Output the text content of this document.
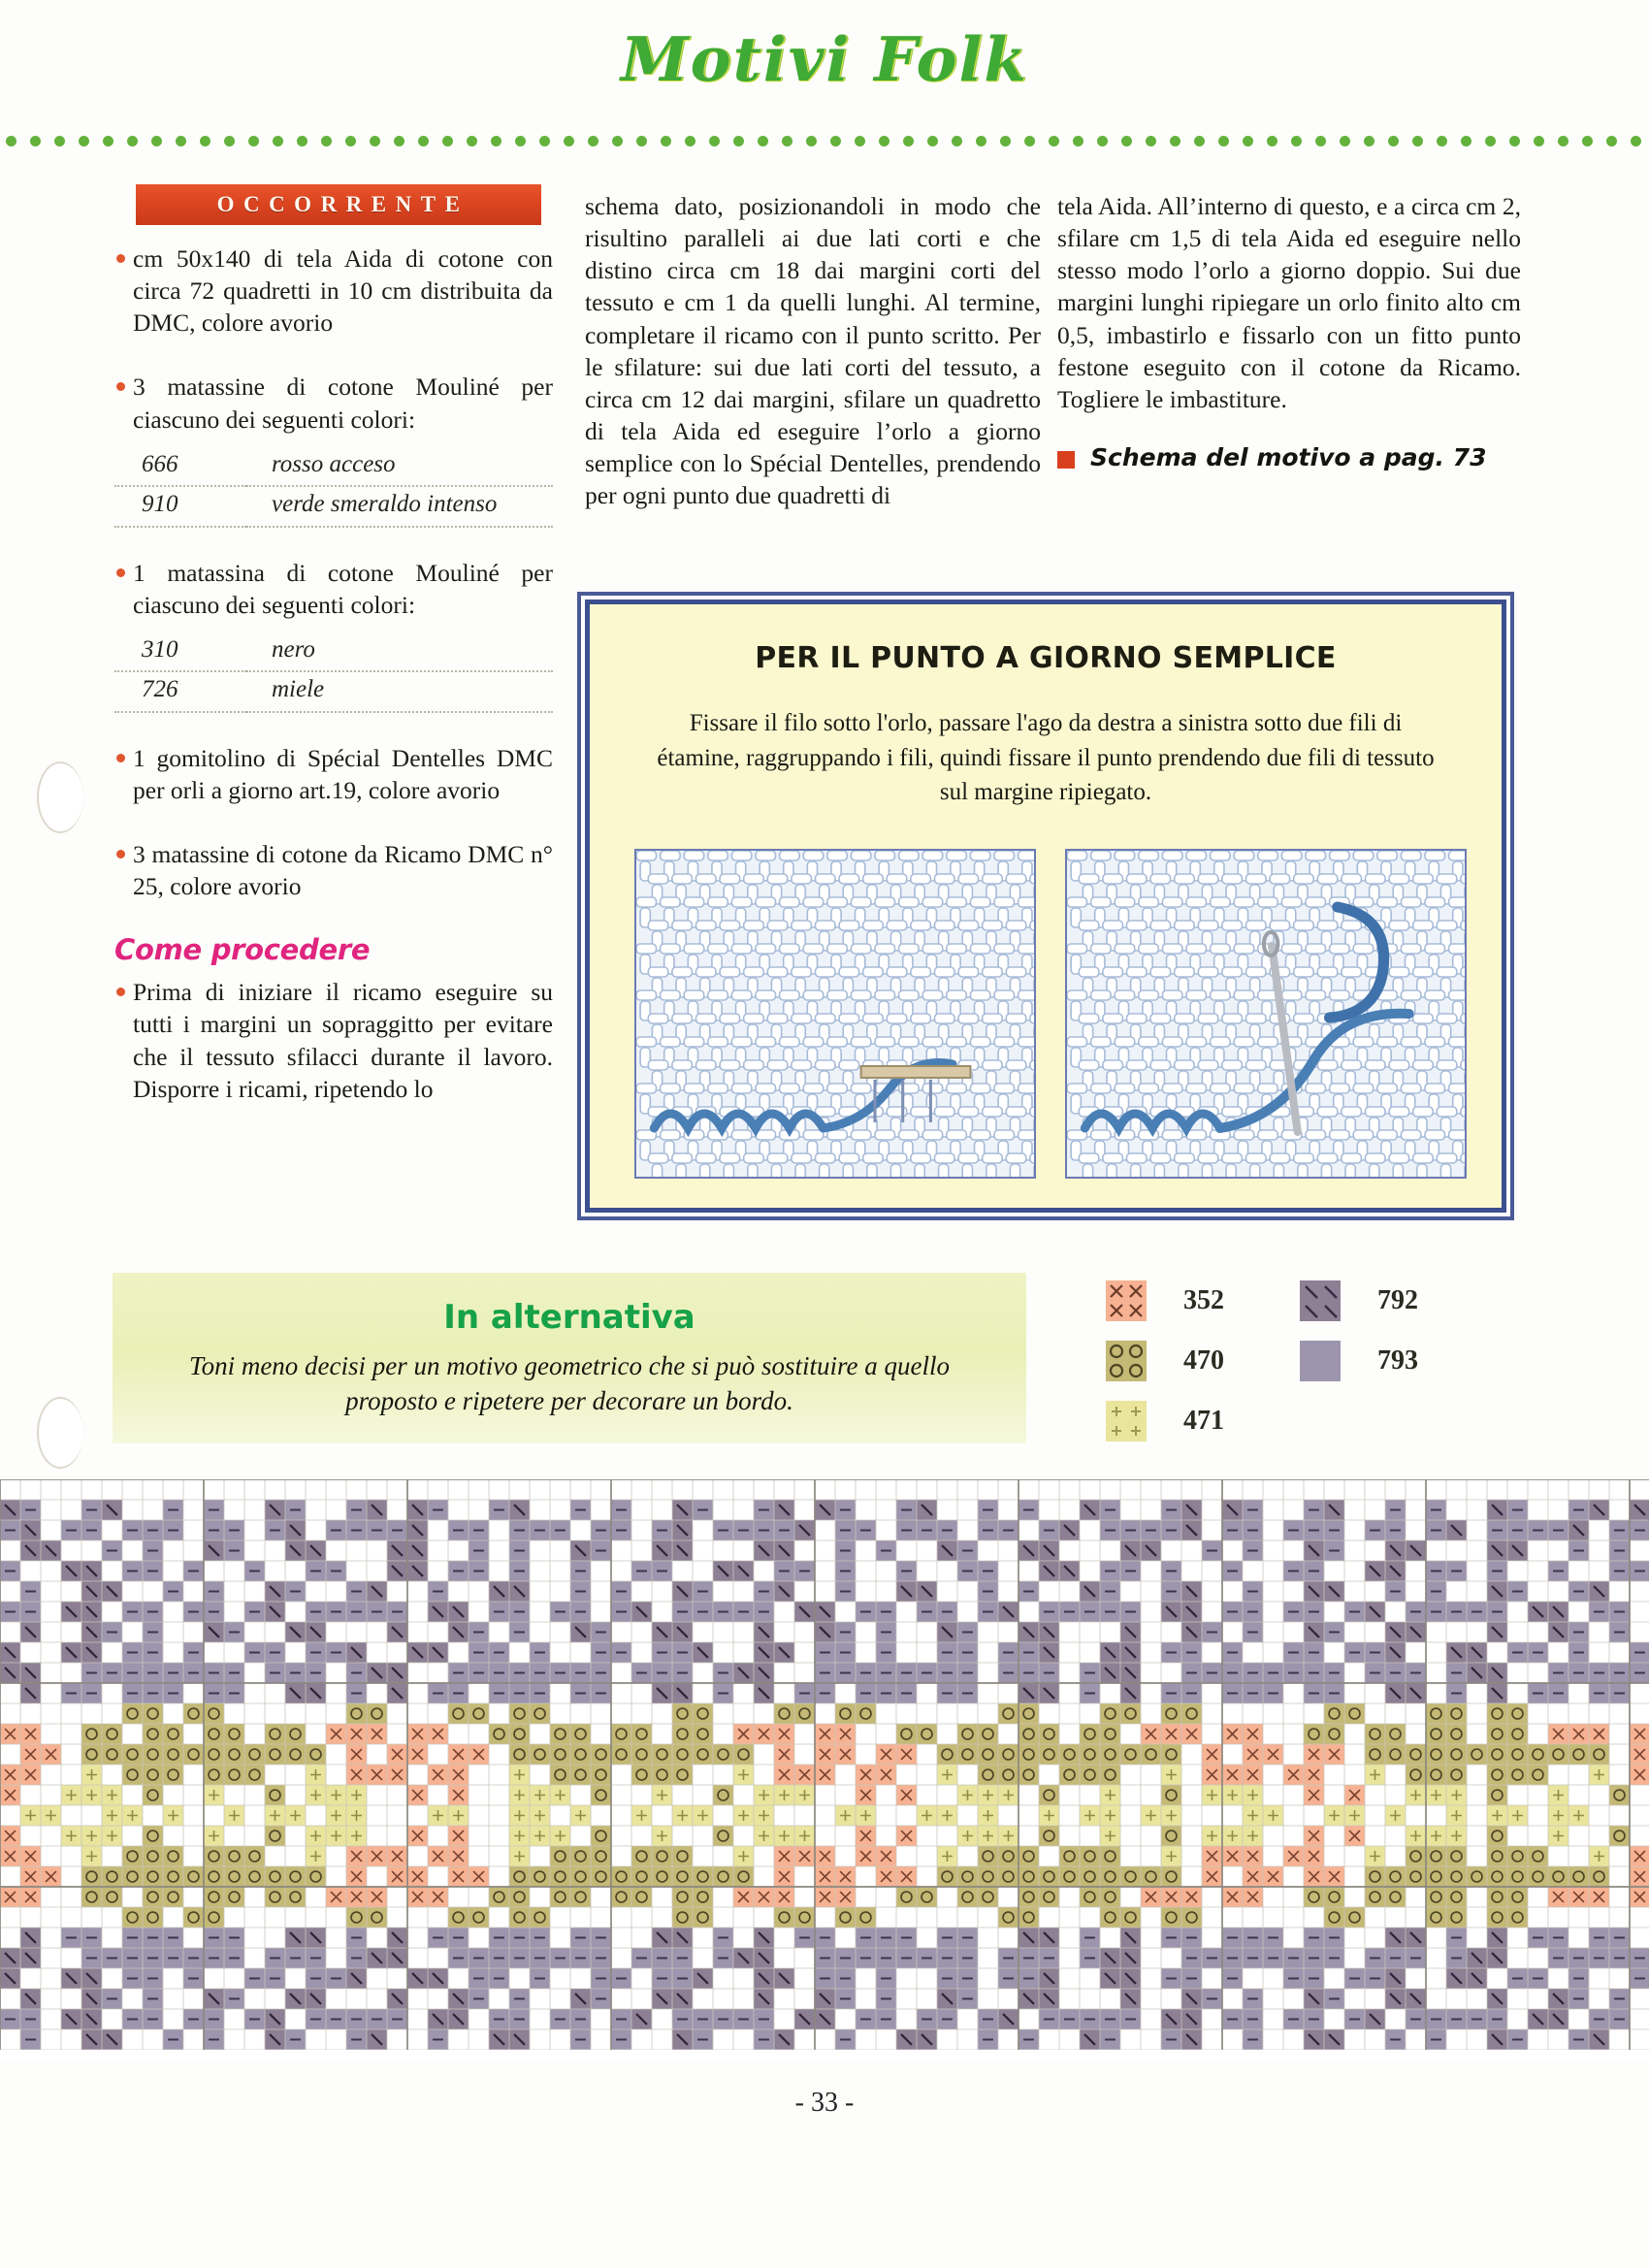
Motivi Folk
OCCORRENTE

cm 50x140 di tela Aida di cotone con circa 72 quadretti in 10 cm distribuita da DMC, colore avorio

3 matassine di cotone Mouliné per ciascuno dei seguenti colori:

666	rosso acceso
910	verde smeraldo intenso

1 matassina di cotone Mouliné per ciascuno dei seguenti colori:

310	nero
726	miele

1 gomitolino di Spécial Dentelles DMC per orli a giorno art.19, colore avorio

3 matassine di cotone da Ricamo DMC n° 25, colore avorio

Come procedere

Prima di iniziare il ricamo eseguire su tutti i margini un sopraggitto per evitare che il tessuto sfilacci durante il lavoro. Disporre i ricami, ripetendo lo

schema dato, posizionandoli in modo che risultino paralleli ai due lati corti e che distino circa cm 18 dai margini corti del tessuto e cm 1 da quelli lunghi. Al termine, completare il ricamo con il punto scritto. Per le sfilature: sui due lati corti del tessuto, a circa cm 12 dai margini, sfilare un quadretto di tela Aida ed eseguire l’orlo a giorno semplice con lo Spécial Dentelles, prendendo per ogni punto due quadretti di

tela Aida. All’interno di questo, e a circa cm 2, sfilare cm 1,5 di tela Aida ed eseguire nello stesso modo l’orlo a giorno doppio. Sui due margini lunghi ripiegare un orlo finito alto cm 0,5, imbastirlo e fissarlo con un fitto punto festone eseguito con il cotone da Ricamo. Togliere le imbastiture.

Schema del motivo a pag. 73
PER IL PUNTO A GIORNO SEMPLICE
Fissare il filo sotto l'orlo, passare l'ago da destra a sinistra sotto due fili di étamine, raggruppando i fili, quindi fissare il punto prendendo due fili di tessuto sul margine ripiegato.
In alternativa
Toni meno decisi per un motivo geometrico che si può sostituire a quello proposto e ripetere per decorare un bordo.
352
470
471
792
793
- 33 -
